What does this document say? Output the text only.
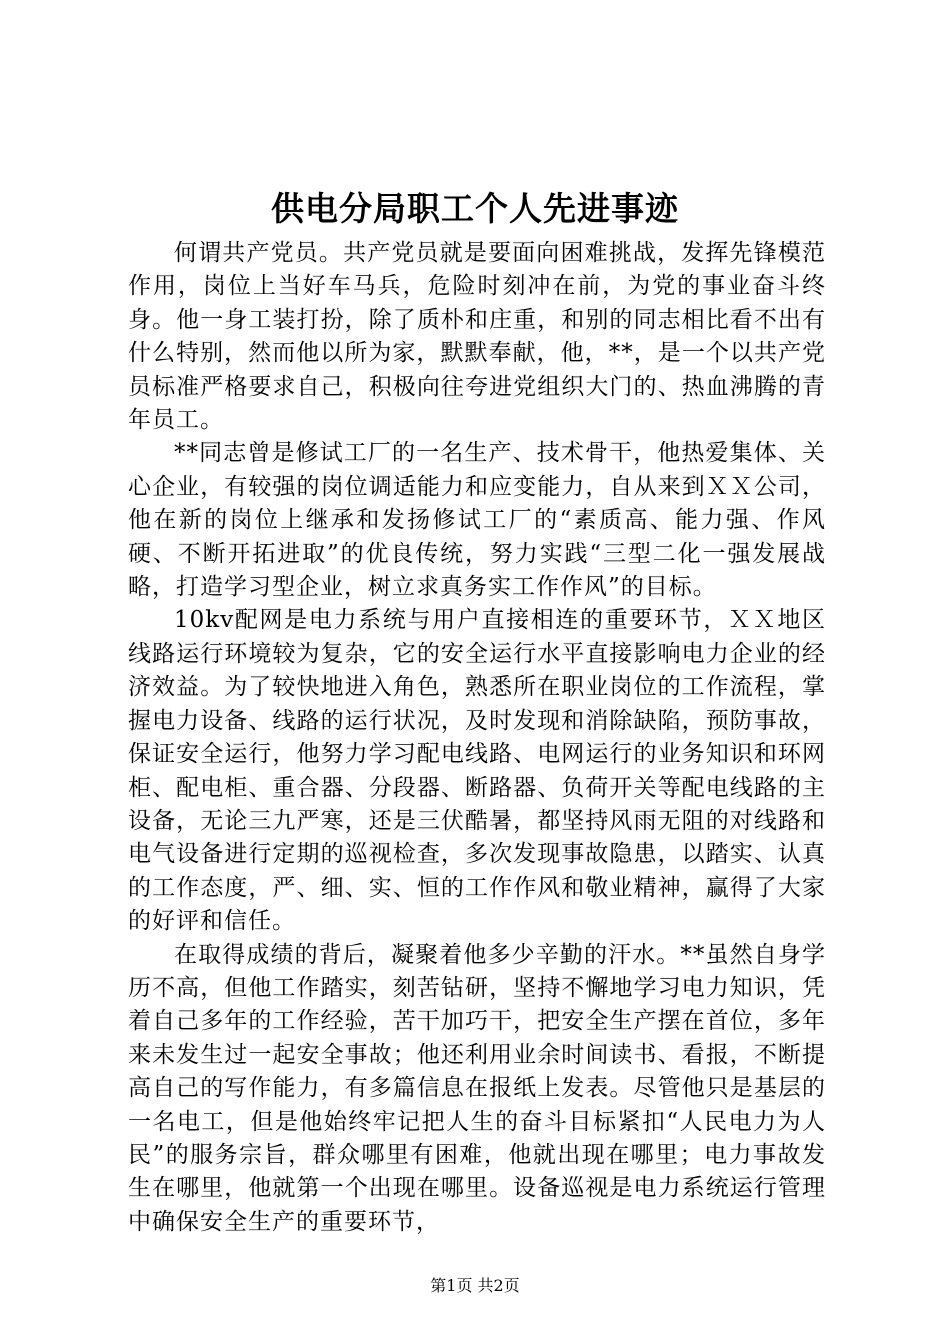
供电分局职工个人先进事迹

何谓共产党员。共产党员就是要面向困难挑战，发挥先锋模范作用，岗位上当好车马兵，危险时刻冲在前，为党的事业奋斗终身。他一身工装打扮，除了质朴和庄重，和别的同志相比看不出有什么特别，然而他以所为家，默默奉献，他，**，是一个以共产党员标准严格要求自己，积极向往夸进党组织大门的、热血沸腾的青年员工。

**同志曾是修试工厂的一名生产、技术骨干，他热爱集体、关心企业，有较强的岗位调适能力和应变能力，自从来到ＸＸ公司，他在新的岗位上继承和发扬修试工厂的“素质高、能力强、作风硬、不断开拓进取”的优良传统，努力实践“三型二化一强发展战略，打造学习型企业，树立求真务实工作作风”的目标。

10kv配网是电力系统与用户直接相连的重要环节，ＸＸ地区线路运行环境较为复杂，它的安全运行水平直接影响电力企业的经济效益。为了较快地进入角色，熟悉所在职业岗位的工作流程，掌握电力设备、线路的运行状况，及时发现和消除缺陷，预防事故，保证安全运行，他努力学习配电线路、电网运行的业务知识和环网柜、配电柜、重合器、分段器、断路器、负荷开关等配电线路的主设备，无论三九严寒，还是三伏酷暑，都坚持风雨无阻的对线路和电气设备进行定期的巡视检查，多次发现事故隐患，以踏实、认真的工作态度，严、细、实、恒的工作作风和敬业精神，赢得了大家的好评和信任。

在取得成绩的背后，凝聚着他多少辛勤的汗水。**虽然自身学历不高，但他工作踏实，刻苦钻研，坚持不懈地学习电力知识，凭着自己多年的工作经验，苦干加巧干，把安全生产摆在首位，多年来未发生过一起安全事故；他还利用业余时间读书、看报，不断提高自己的写作能力，有多篇信息在报纸上发表。尽管他只是基层的一名电工，但是他始终牢记把人生的奋斗目标紧扣“人民电力为人民”的服务宗旨，群众哪里有困难，他就出现在哪里；电力事故发生在哪里，他就第一个出现在哪里。设备巡视是电力系统运行管理中确保安全生产的重要环节，

第1页 共2页
